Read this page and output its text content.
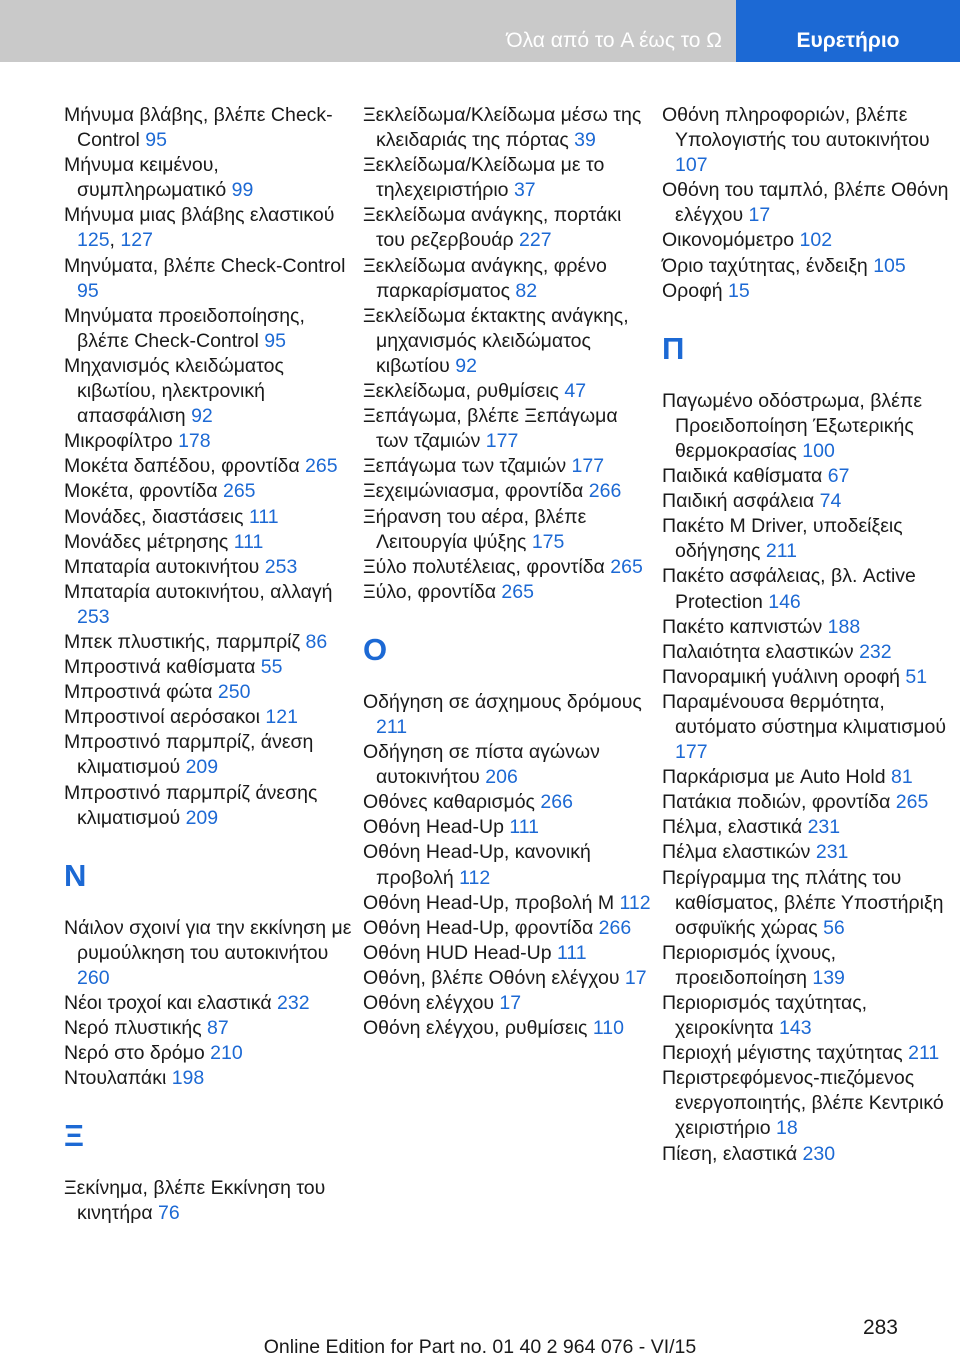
Όλα από το A έως το Ω	Ευρετήριο

Μήνυμα βλάβης, βλέπε Check-Control 95

Μήνυμα κειμένου, συμπληρωματικό 99

Μήνυμα μιας βλάβης ελαστικού 125, 127

Μηνύματα, βλέπε Check-Control 95

Μηνύματα προειδοποίησης, βλέπε Check-Control 95

Μηχανισμός κλειδώματος κιβωτίου, ηλεκτρονική απασφάλιση 92

Μικροφίλτρο 178

Μοκέτα δαπέδου, φροντίδα 265

Μοκέτα, φροντίδα 265

Μονάδες, διαστάσεις 111

Μονάδες μέτρησης 111

Μπαταρία αυτοκινήτου 253

Μπαταρία αυτοκινήτου, αλλαγή 253

Μπεκ πλυστικής, παρμπρίζ 86

Μπροστινά καθίσματα 55

Μπροστινά φώτα 250

Μπροστινοί αερόσακοι 121

Μπροστινό παρμπρίζ, άνεση κλιματισμού 209

Μπροστινό παρμπρίζ άνεσης κλιματισμού 209

Ν

Νάιλον σχοινί για την εκκίνηση με ρυμούλκηση του αυτοκινήτου 260

Νέοι τροχοί και ελαστικά 232

Νερό πλυστικής 87

Νερό στο δρόμο 210

Ντουλαπάκι 198

Ξ

Ξεκίνημα, βλέπε Εκκίνηση του κινητήρα 76

Ξεκλείδωμα/Κλείδωμα μέσω της κλειδαριάς της πόρτας 39

Ξεκλείδωμα/Κλείδωμα με το τηλεχειριστήριο 37

Ξεκλείδωμα ανάγκης, πορτάκι του ρεζερβουάρ 227

Ξεκλείδωμα ανάγκης, φρένο παρκαρίσματος 82

Ξεκλείδωμα έκτακτης ανάγκης, μηχανισμός κλειδώματος κιβωτίου 92

Ξεκλείδωμα, ρυθμίσεις 47

Ξεπάγωμα, βλέπε Ξεπάγωμα των τζαμιών 177

Ξεπάγωμα των τζαμιών 177

Ξεχειμώνιασμα, φροντίδα 266

Ξήρανση του αέρα, βλέπε Λειτουργία ψύξης 175

Ξύλο πολυτέλειας, φροντίδα 265

Ξύλο, φροντίδα 265

Ο

Οδήγηση σε άσχημους δρόμους 211

Οδήγηση σε πίστα αγώνων αυτοκινήτου 206

Οθόνες καθαρισμός 266

Οθόνη Head-Up 111

Οθόνη Head-Up, κανονική προβολή 112

Οθόνη Head-Up, προβολή M 112

Οθόνη Head-Up, φροντίδα 266

Οθόνη HUD Head-Up 111

Οθόνη, βλέπε Οθόνη ελέγχου 17

Οθόνη ελέγχου 17

Οθόνη ελέγχου, ρυθμίσεις 110

Οθόνη πληροφοριών, βλέπε Υπολογιστής του αυτοκινήτου 107

Οθόνη του ταμπλό, βλέπε Οθόνη ελέγχου 17

Οικονομόμετρο 102

Όριο ταχύτητας, ένδειξη 105

Οροφή 15

Π

Παγωμένο οδόστρωμα, βλέπε Προειδοποίηση Έξωτερικής θερμοκρασίας 100

Παιδικά καθίσματα 67

Παιδική ασφάλεια 74

Πακέτο M Driver, υποδείξεις οδήγησης 211

Πακέτο ασφάλειας, βλ. Active Protection 146

Πακέτο καπνιστών 188

Παλαιότητα ελαστικών 232

Πανοραμική γυάλινη οροφή 51

Παραμένουσα θερμότητα, αυτόματο σύστημα κλιματισμού 177

Παρκάρισμα με Auto Hold 81

Πατάκια ποδιών, φροντίδα 265

Πέλμα, ελαστικά 231

Πέλμα ελαστικών 231

Περίγραμμα της πλάτης του καθίσματος, βλέπε Υποστήριξη οσφυϊκής χώρας 56

Περιορισμός ίχνους, προειδοποίηση 139

Περιορισμός ταχύτητας, χειροκίνητα 143

Περιοχή μέγιστης ταχύτητας 211

Περιστρεφόμενος-πιεζόμενος ενεργοποιητής, βλέπε Κεντρικό χειριστήριο 18

Πίεση, ελαστικά 230

283
Online Edition for Part no. 01 40 2 964 076 - VI/15
